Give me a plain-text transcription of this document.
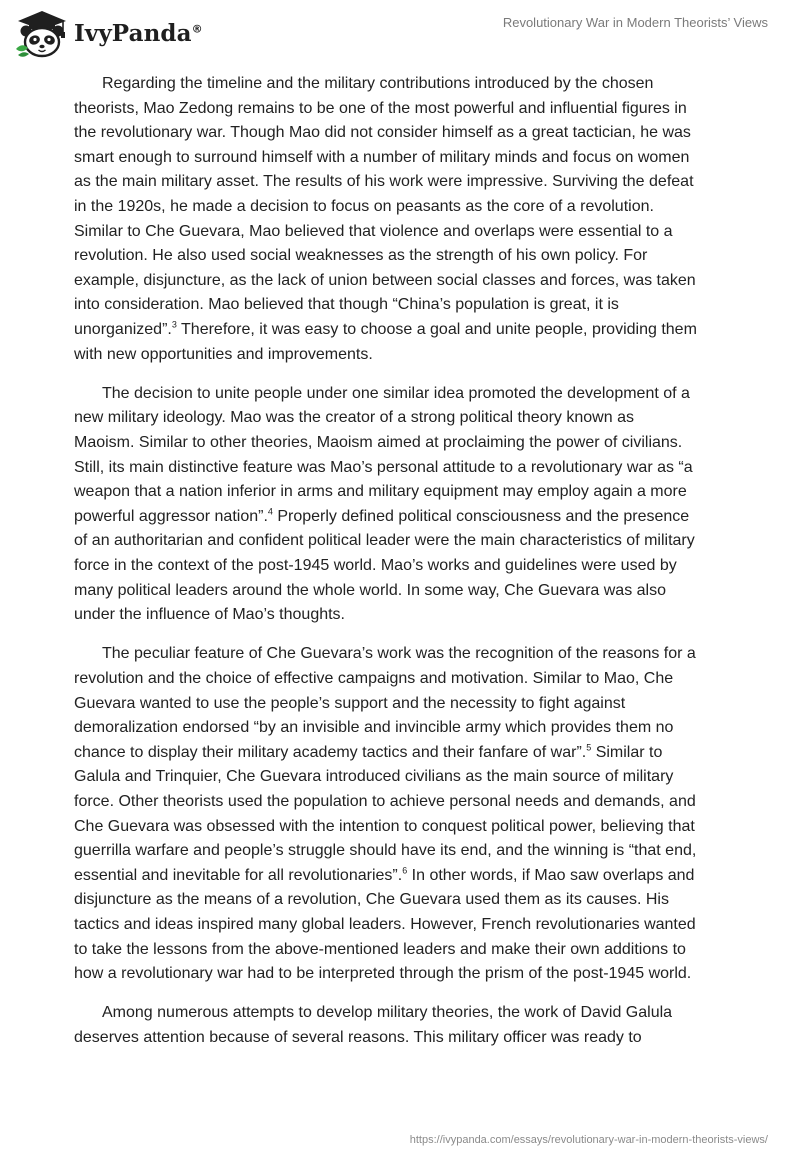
IvyPanda®	Revolutionary War in Modern Theorists’ Views

Regarding the timeline and the military contributions introduced by the chosen
theorists, Mao Zedong remains to be one of the most powerful and influential figures in
the revolutionary war. Though Mao did not consider himself as a great tactician, he was
smart enough to surround himself with a number of military minds and focus on women
as the main military asset. The results of his work were impressive. Surviving the defeat
in the 1920s, he made a decision to focus on peasants as the core of a revolution.
Similar to Che Guevara, Mao believed that violence and overlaps were essential to a
revolution. He also used social weaknesses as the strength of his own policy. For
example, disjuncture, as the lack of union between social classes and forces, was taken
into consideration. Mao believed that though “China’s population is great, it is
unorganized”.$^3$ Therefore, it was easy to choose a goal and unite people, providing them
with new opportunities and improvements.

The decision to unite people under one similar idea promoted the development of a
new military ideology. Mao was the creator of a strong political theory known as
Maoism. Similar to other theories, Maoism aimed at proclaiming the power of civilians.
Still, its main distinctive feature was Mao’s personal attitude to a revolutionary war as “a
weapon that a nation inferior in arms and military equipment may employ again a more
powerful aggressor nation”.$^4$ Properly defined political consciousness and the presence
of an authoritarian and confident political leader were the main characteristics of military
force in the context of the post-1945 world. Mao’s works and guidelines were used by
many political leaders around the whole world. In some way, Che Guevara was also
under the influence of Mao’s thoughts.

The peculiar feature of Che Guevara’s work was the recognition of the reasons for a
revolution and the choice of effective campaigns and motivation. Similar to Mao, Che
Guevara wanted to use the people’s support and the necessity to fight against
demoralization endorsed “by an invisible and invincible army which provides them no
chance to display their military academy tactics and their fanfare of war”.$^5$ Similar to
Galula and Trinquier, Che Guevara introduced civilians as the main source of military
force. Other theorists used the population to achieve personal needs and demands, and
Che Guevara was obsessed with the intention to conquest political power, believing that
guerrilla warfare and people’s struggle should have its end, and the winning is “that end,
essential and inevitable for all revolutionaries”.$^6$ In other words, if Mao saw overlaps and
disjuncture as the means of a revolution, Che Guevara used them as its causes. His
tactics and ideas inspired many global leaders. However, French revolutionaries wanted
to take the lessons from the above-mentioned leaders and make their own additions to
how a revolutionary war had to be interpreted through the prism of the post-1945 world.

Among numerous attempts to develop military theories, the work of David Galula
deserves attention because of several reasons. This military officer was ready to

https://ivypanda.com/essays/revolutionary-war-in-modern-theorists-views/
